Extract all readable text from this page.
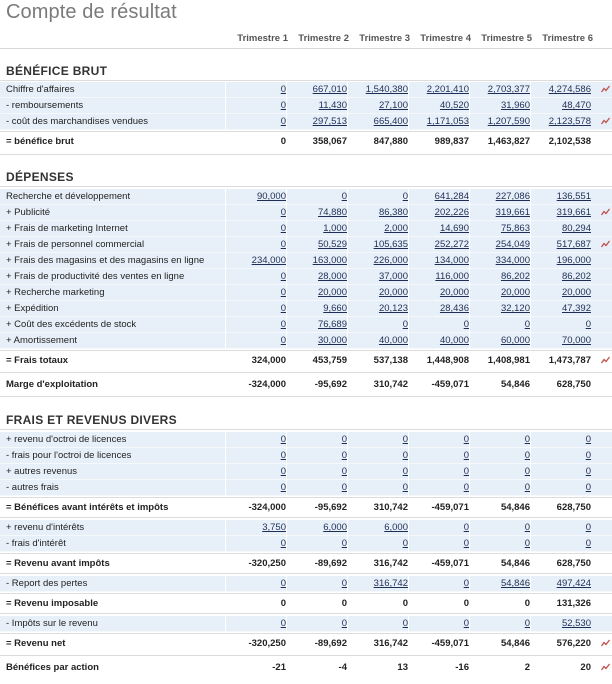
Compte de résultat
Trimestre 1	Trimestre 2	Trimestre 3	Trimestre 4	Trimestre 5	Trimestre 6
BÉNÉFICE BRUT
Chiffre d'affaires	0	667,010	1,540,380	2,201,410	2,703,377	4,274,586
- remboursements	0	11,430	27,100	40,520	31,960	48,470
- coût des marchandises vendues	0	297,513	665,400	1,171,053	1,207,590	2,123,578
= bénéfice brut	0	358,067	847,880	989,837	1,463,827	2,102,538
DÉPENSES
Recherche et développement	90,000	0	0	641,284	227,086	136,551
+ Publicité	0	74,880	86,380	202,226	319,661	319,661
+ Frais de marketing Internet	0	1,000	2,000	14,690	75,863	80,294
+ Frais de personnel commercial	0	50,529	105,635	252,272	254,049	517,687
+ Frais des magasins et des magasins en ligne	234,000	163,000	226,000	134,000	334,000	196,000
+ Frais de productivité des ventes en ligne	0	28,000	37,000	116,000	86,202	86,202
+ Recherche marketing	0	20,000	20,000	20,000	20,000	20,000
+ Expédition	0	9,660	20,123	28,436	32,120	47,392
+ Coût des excédents de stock	0	76,689	0	0	0	0
+ Amortissement	0	30,000	40,000	40,000	60,000	70,000
= Frais totaux	324,000	453,759	537,138	1,448,908	1,408,981	1,473,787
Marge d'exploitation	-324,000	-95,692	310,742	-459,071	54,846	628,750
FRAIS ET REVENUS DIVERS
+ revenu d'octroi de licences	0	0	0	0	0	0
- frais pour l'octroi de licences	0	0	0	0	0	0
+ autres revenus	0	0	0	0	0	0
- autres frais	0	0	0	0	0	0
= Bénéfices avant intérêts et impôts	-324,000	-95,692	310,742	-459,071	54,846	628,750
+ revenu d'intérêts	3,750	6,000	6,000	0	0	0
- frais d'intérêt	0	0	0	0	0	0
= Revenu avant impôts	-320,250	-89,692	316,742	-459,071	54,846	628,750
- Report des pertes	0	0	316,742	0	54,846	497,424
= Revenu imposable	0	0	0	0	0	131,326
- Impôts sur le revenu	0	0	0	0	0	52,530
= Revenu net	-320,250	-89,692	316,742	-459,071	54,846	576,220
Bénéfices par action	-21	-4	13	-16	2	20
